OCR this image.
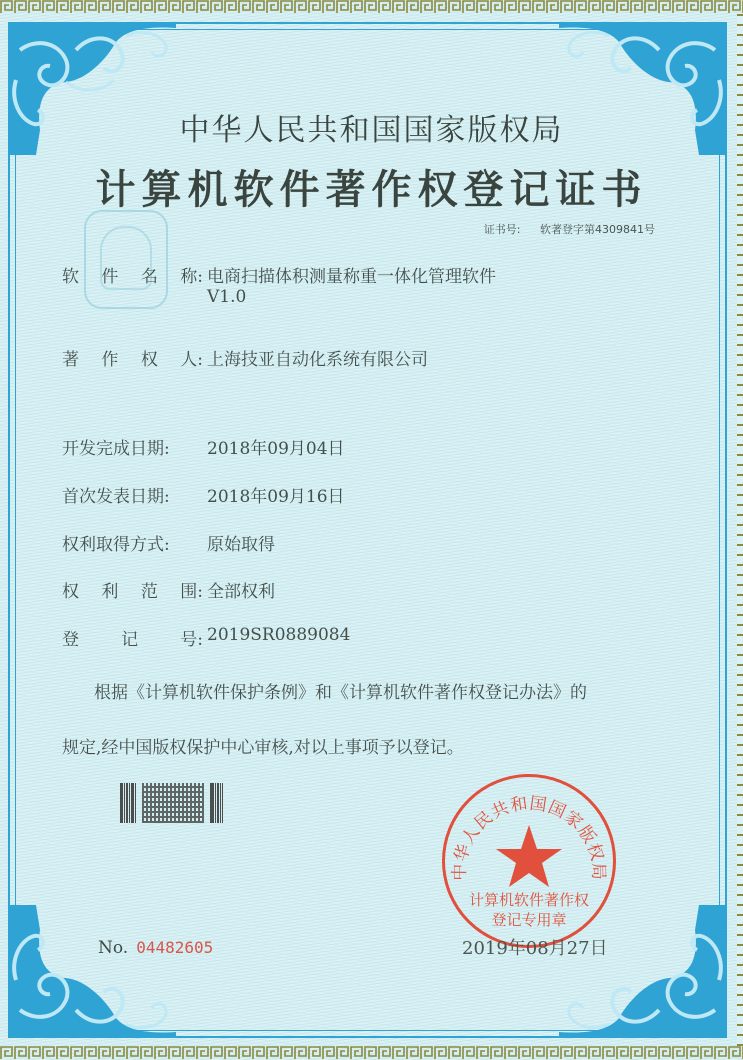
中华人民共和国国家版权局
计算机软件著作权登记证书
证书号: 软著登字第4309841号
软 件 名 称: 电商扫描体积测量称重一体化管理软件
V1.0
著 作 权 人: 上海技亚自动化系统有限公司
开发完成日期:	2018年09月04日
首次发表日期:	2018年09月16日
权利取得方式:	原始取得
权 利 范 围: 全部权利
登 记 号: 2019SR0889084
根据《计算机软件保护条例》和《计算机软件著作权登记办法》的
规定,经中国版权保护中心审核,对以上事项予以登记。
No. 04482605
中华人民共和国国家版权局
计算机软件著作权
登记专用章
2019年08月27日
